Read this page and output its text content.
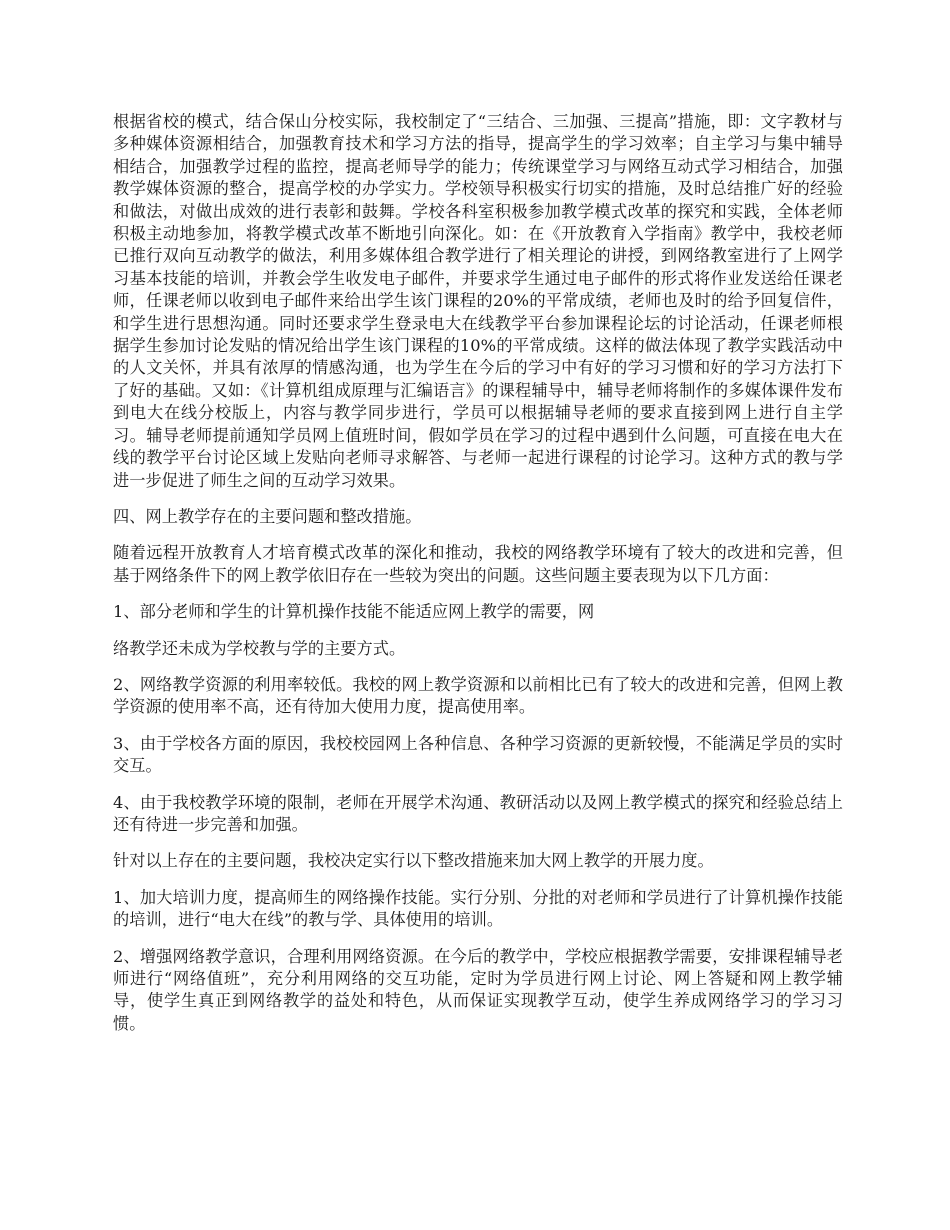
根据省校的模式，结合保山分校实际，我校制定了“三结合、三加强、三提高”措施，即：文字教材与多种媒体资源相结合，加强教育技术和学习方法的指导，提高学生的学习效率；自主学习与集中辅导相结合，加强教学过程的监控，提高老师导学的能力；传统课堂学习与网络互动式学习相结合，加强教学媒体资源的整合，提高学校的办学实力。学校领导积极实行切实的措施，及时总结推广好的经验和做法，对做出成效的进行表彰和鼓舞。学校各科室积极参加教学模式改革的探究和实践，全体老师积极主动地参加，将教学模式改革不断地引向深化。如：在《开放教育入学指南》教学中，我校老师已推行双向互动教学的做法，利用多媒体组合教学进行了相关理论的讲授，到网络教室进行了上网学习基本技能的培训，并教会学生收发电子邮件，并要求学生通过电子邮件的形式将作业发送给任课老师，任课老师以收到电子邮件来给出学生该门课程的20%的平常成绩，老师也及时的给予回复信件，和学生进行思想沟通。同时还要求学生登录电大在线教学平台参加课程论坛的讨论活动，任课老师根据学生参加讨论发贴的情况给出学生该门课程的10%的平常成绩。这样的做法体现了教学实践活动中的人文关怀，并具有浓厚的情感沟通，也为学生在今后的学习中有好的学习习惯和好的学习方法打下了好的基础。又如：《计算机组成原理与汇编语言》的课程辅导中，辅导老师将制作的多媒体课件发布到电大在线分校版上，内容与教学同步进行，学员可以根据辅导老师的要求直接到网上进行自主学习。辅导老师提前通知学员网上值班时间，假如学员在学习的过程中遇到什么问题，可直接在电大在线的教学平台讨论区域上发贴向老师寻求解答、与老师一起进行课程的讨论学习。这种方式的教与学进一步促进了师生之间的互动学习效果。

四、网上教学存在的主要问题和整改措施。

随着远程开放教育人才培育模式改革的深化和推动，我校的网络教学环境有了较大的改进和完善，但基于网络条件下的网上教学依旧存在一些较为突出的问题。这些问题主要表现为以下几方面：

1、部分老师和学生的计算机操作技能不能适应网上教学的需要，网

络教学还未成为学校教与学的主要方式。

2、网络教学资源的利用率较低。我校的网上教学资源和以前相比已有了较大的改进和完善，但网上教学资源的使用率不高，还有待加大使用力度，提高使用率。

3、由于学校各方面的原因，我校校园网上各种信息、各种学习资源的更新较慢，不能满足学员的实时交互。

4、由于我校教学环境的限制，老师在开展学术沟通、教研活动以及网上教学模式的探究和经验总结上还有待进一步完善和加强。

针对以上存在的主要问题，我校决定实行以下整改措施来加大网上教学的开展力度。

1、加大培训力度，提高师生的网络操作技能。实行分别、分批的对老师和学员进行了计算机操作技能的培训，进行“电大在线”的教与学、具体使用的培训。

2、增强网络教学意识，合理利用网络资源。在今后的教学中，学校应根据教学需要，安排课程辅导老师进行“网络值班”，充分利用网络的交互功能，定时为学员进行网上讨论、网上答疑和网上教学辅导，使学生真正到网络教学的益处和特色，从而保证实现教学互动，使学生养成网络学习的学习习惯。
